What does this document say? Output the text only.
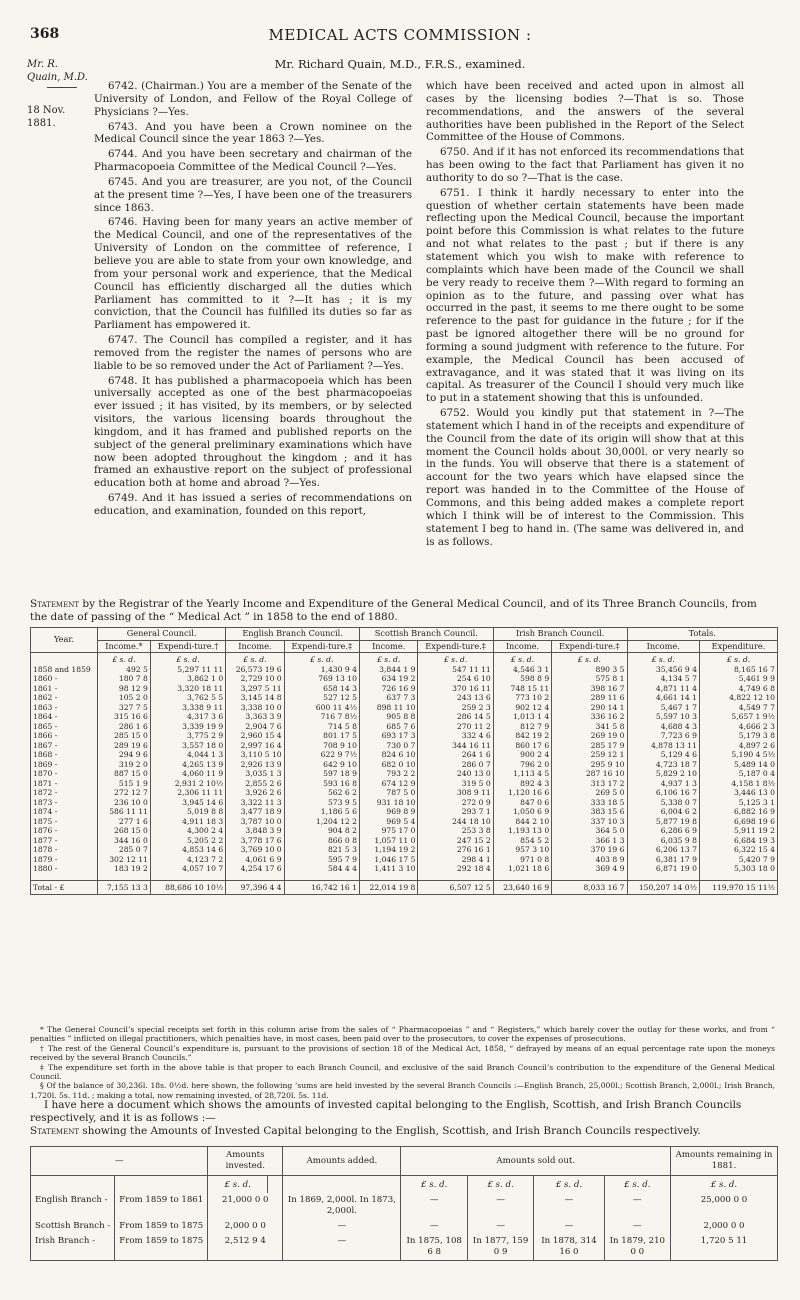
368	MEDICAL ACTS COMMISSION :
Mr. Richard Quain, M.D., F.R.S., examined.
Mr. R.
Quain, M.D.
18 Nov. 1881.

6742. (Chairman.) You are a member of the Senate of the University of London, and Fellow of the Royal College of Physicians ?—Yes.

6743. And you have been a Crown nominee on the Medical Council since the year 1863 ?—Yes.

6744. And you have been secretary and chairman of the Pharmacopoeia Committee of the Medical Council ?—Yes.

6745. And you are treasurer, are you not, of the Council at the present time ?—Yes, I have been one of the treasurers since 1863.

6746. Having been for many years an active member of the Medical Council, and one of the representatives of the University of London on the committee of reference, I believe you are able to state from your own knowledge, and from your personal work and experience, that the Medical Council has efficiently discharged all the duties which Parliament has committed to it ?—It has ; it is my conviction, that the Council has fulfilled its duties so far as Parliament has empowered it.

6747. The Council has compiled a register, and it has removed from the register the names of persons who are liable to be so removed under the Act of Parliament ?—Yes.

6748. It has published a pharmacopoeia which has been universally accepted as one of the best pharmacopoeias ever issued ; it has visited, by its members, or by selected visitors, the various licensing boards throughout the kingdom, and it has framed and published reports on the subject of the general preliminary examinations which have now been adopted throughout the kingdom ; and it has framed an exhaustive report on the subject of professional education both at home and abroad ?—Yes.

6749. And it has issued a series of recommendations on education, and examination, founded on this report,

which have been received and acted upon in almost all cases by the licensing bodies ?—That is so. Those recommendations, and the answers of the several authorities have been published in the Report of the Select Committee of the House of Commons.

6750. And if it has not enforced its recommendations that has been owing to the fact that Parliament has given it no authority to do so ?—That is the case.

6751. I think it hardly necessary to enter into the question of whether certain statements have been made reflecting upon the Medical Council, because the important point before this Commission is what relates to the future and not what relates to the past ; but if there is any statement which you wish to make with reference to complaints which have been made of the Council we shall be very ready to receive them ?—With regard to forming an opinion as to the future, and passing over what has occurred in the past, it seems to me there ought to be some reference to the past for guidance in the future ; for if the past be ignored altogether there will be no ground for forming a sound judgment with reference to the future. For example, the Medical Council has been accused of extravagance, and it was stated that it was living on its capital. As treasurer of the Council I should very much like to put in a statement showing that this is unfounded.

6752. Would you kindly put that statement in ?—The statement which I hand in of the receipts and expenditure of the Council from the date of its origin will show that at this moment the Council holds about 30,000l. or very nearly so in the funds. You will observe that there is a statement of account for the two years which have elapsed since the report was handed in to the Committee of the House of Commons, and this being added makes a complete report which I think will be of interest to the Commission. This statement I beg to hand in. (The same was delivered in, and is as follows.

Statement by the Registrar of the Yearly Income and Expenditure of the General Medical Council, and of its Three Branch Councils, from the date of passing of the “ Medical Act ” in 1858 to the end of 1880.
Year.	General Council.		English Branch Council.		Scottish Branch Council.		Irish Branch Council.		Totals.	
	Income.*	Expendi-ture.†	Income.	Expendi-ture.‡	Income.	Expendi-ture.‡	Income.	Expendi-ture.‡	Income.	Expenditure.
	£ s. d.	£ s. d.	£ s. d.	£ s. d.	£ s. d.	£ s. d.	£ s. d.	£ s. d.	£ s. d.	£ s. d.
1858 and 1859	492 5	5,297 11 11	26,573 19 6	1,430 9 4	3,844 1 9	547 11 11	4,546 3 1	890 3 5	35,456 9 4	8,165 16 7
1860 -	180 7 8	3,862 1 0	2,729 10 0	769 13 10	634 19 2	254 6 10	598 8 9	575 8 1	4,134 5 7	5,461 9 9
1861 -	98 12 9	3,320 18 11	3,297 5 11	658 14 3	726 16 9	370 16 11	748 15 11	398 16 7	4,871 11 4	4,749 6 8
1862 -	105 2 0	3,762 5 5	3,145 14 8	527 12 5	637 7 3	243 13 6	773 10 2	289 11 6	4,661 14 1	4,822 12 10
1863 -	327 7 5	3,338 9 11	3,338 10 0	600 11 4½	898 11 10	259 2 3	902 12 4	290 14 1	5,467 1 7	4,549 7 7
1864 -	315 16 6	4,317 3 6	3,363 3 9	716 7 8½	905 8 8	286 14 5	1,013 1 4	336 16 2	5,597 10 3	5,657 1 9½
1865 -	286 1 6	3,339 19 9	2,904 7 6	714 5 8	685 7 6	270 11 2	812 7 9	341 5 8	4,688 4 3	4,666 2 3
1866 -	285 15 0	3,775 2 9	2,960 15 4	801 17 5	693 17 3	332 4 6	842 19 2	269 19 0	7,723 6 9	5,179 3 8
1867 -	289 19 6	3,557 18 0	2,997 16 4	708 9 10	730 0 7	344 16 11	860 17 6	285 17 9	4,878 13 11	4,897 2 6
1868 -	294 9 6	4,044 1 3	3,110 5 10	622 9 7½	824 6 10	264 1 6	900 2 4	259 12 1	5,129 4 6	5,190 4 5½
1869 -	319 2 0	4,265 13 9	2,926 13 9	642 9 10	682 0 10	286 0 7	796 2 0	295 9 10	4,723 18 7	5,489 14 0
1870 -	887 15 0	4,060 11 9	3,035 1 3	597 18 9	793 2 2	240 13 0	1,113 4 5	287 16 10	5,829 2 10	5,187 0 4
1871 -	515 1 9	2,931 2 10½	2,855 2 6	593 16 8	674 12 9	319 5 0	892 4 3	313 17 2	4,937 1 3	4,158 1 8½
1872 -	272 12 7	2,306 11 11	3,926 2 6	562 6 2	787 5 0	308 9 11	1,120 16 6	269 5 0	6,106 16 7	3,446 13 0
1873 -	236 10 0	3,945 14 6	3,322 11 3	573 9 5	931 18 10	272 0 9	847 0 6	333 18 5	5,338 0 7	5,125 3 1
1874 -	586 11 11	5,019 8 8	3,477 18 9	1,186 5 6	969 8 9	293 7 1	1,050 6 9	383 15 6	6,004 6 2	6,882 16 9
1875 -	277 1 6	4,911 18 3	3,787 10 0	1,204 12 2	969 5 4	244 18 10	844 2 10	337 10 3	5,877 19 8	6,698 19 6
1876 -	268 15 0	4,300 2 4	3,848 3 9	904 8 2	975 17 0	253 3 8	1,193 13 0	364 5 0	6,286 6 9	5,911 19 2
1877 -	344 16 0	5,205 2 2	3,778 17 6	866 0 8	1,057 11 0	247 15 2	854 5 2	366 1 3	6,035 9 8	6,684 19 3
1878 -	285 0 7	4,853 14 6	3,769 10 0	821 5 3	1,194 19 2	276 16 1	957 3 10	370 19 6	6,206 13 7	6,322 15 4
1879 -	302 12 11	4,123 7 2	4,061 6 9	595 7 9	1,046 17 5	298 4 1	971 0 8	403 8 9	6,381 17 9	5,420 7 9
1880 -	183 19 2	4,057 10 7	4,254 17 6	584 4 4	1,411 3 10	292 18 4	1,021 18 6	369 4 9	6,871 19 0	5,303 18 0

Total - £	7,155 13 3	88,686 10 10½	97,396 4 4	16,742 16 1	22,014 19 8	6,507 12 5	23,640 16 9	8,033 16 7	150,207 14 0½	119,970 15 11½

* The General Council’s special receipts set forth in this column arise from the sales of “ Pharmacopoeias ” and “ Registers,” which barely cover the outlay for these works, and from “ penalties ” inflicted on illegal practitioners, which penalties have, in most cases, been paid over to the prosecutors, to cover the expenses of prosecutions.

† The rest of the General Council’s expenditure is, pursuant to the provisions of section 18 of the Medical Act, 1858, “ defrayed by means of an equal percentage rate upon the moneys received by the several Branch Councils.”

‡ The expenditure set forth in the above table is that proper to each Branch Council, and exclusive of the said Branch Council’s contribution to the expenditure of the General Medical Council.

§ Of the balance of 30,236l. 18s. 0½d. here shown, the following ‘sums are held invested by the several Branch Councils :—English Branch, 25,000l.; Scottish Branch, 2,000l.; Irish Branch, 1,720l. 5s. 11d. ; making a total, now remaining invested, of 28,720l. 5s. 11d.

I have here a document which shows the amounts of invested capital belonging to the English, Scottish, and Irish Branch Councils respectively, and it is as follows :—

Statement showing the Amounts of Invested Capital belonging to the English, Scottish, and Irish Branch Councils respectively.
—		Amounts invested.		Amounts added.	Amounts sold out.				Amounts remaining in 1881.
		£ s. d.			£ s. d.	£ s. d.	£ s. d.	£ s. d.	£ s. d.
English Branch -	From 1859 to 1861	21,000 0 0		In 1869, 2,000l. In 1873, 2,000l.	—	—	—	—	25,000 0 0
Scottish Branch -	From 1859 to 1875	2,000 0 0		—	—	—	—	—	2,000 0 0
Irish Branch -	From 1859 to 1875	2,512 9 4		—	In 1875, 108 6 8	In 1877, 159 0 9	In 1878, 314 16 0	In 1879, 210 0 0	1,720 5 11
